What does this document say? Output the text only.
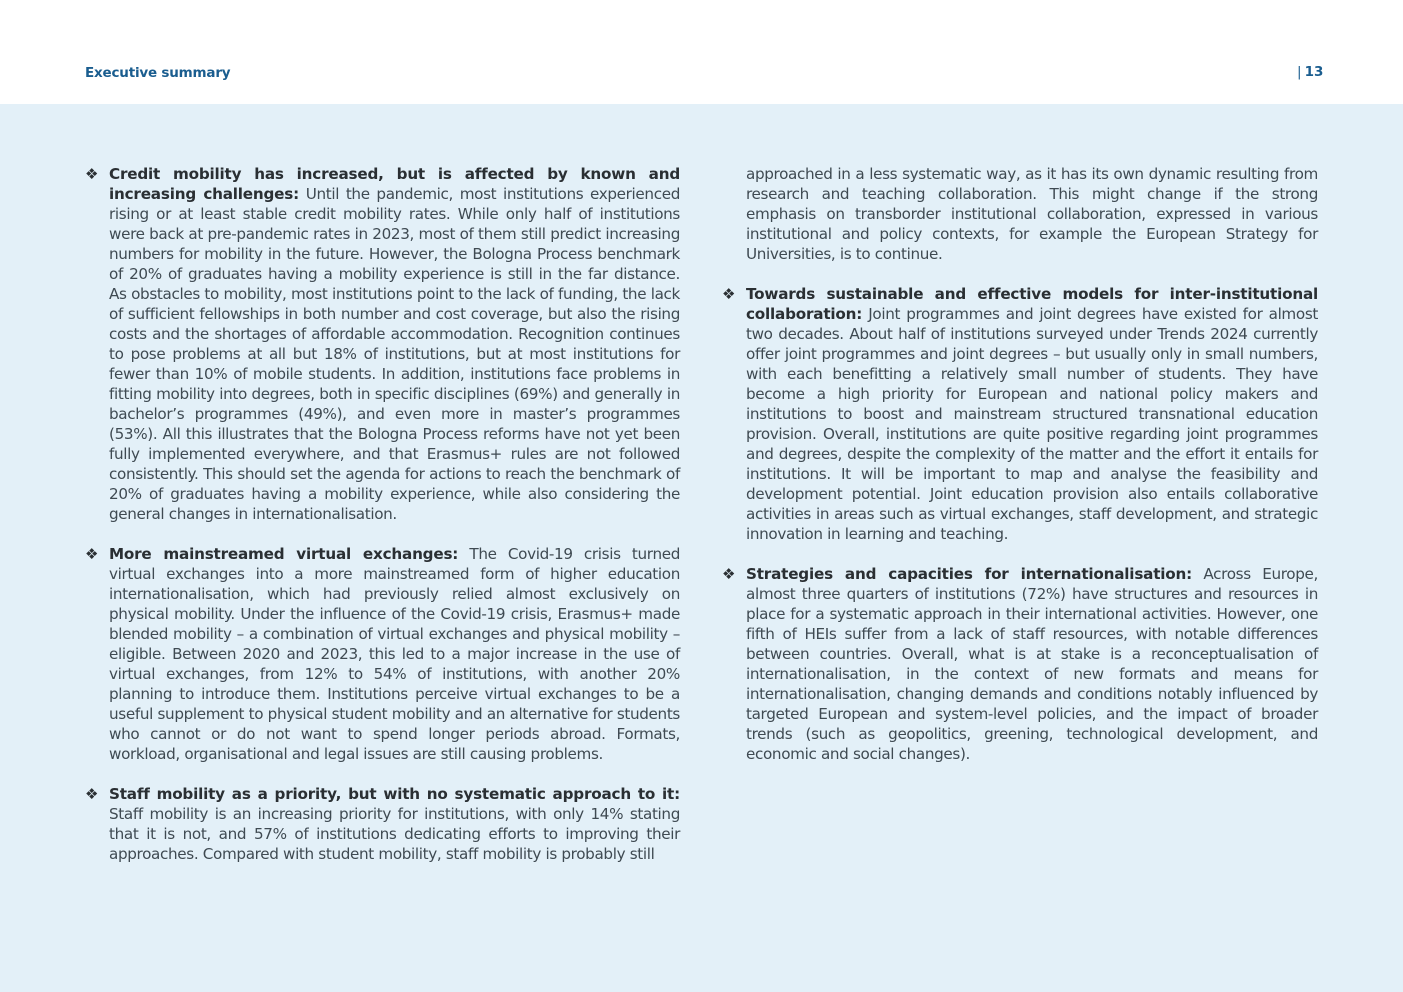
Executive summary	| 13
❖ Credit mobility has increased, but is affected by known and increasing challenges: Until the pandemic, most institutions experienced rising or at least stable credit mobility rates. While only half of institutions were back at pre-pandemic rates in 2023, most of them still predict increasing numbers for mobility in the future. However, the Bologna Process benchmark of 20% of graduates having a mobility experience is still in the far distance. As obstacles to mobility, most institutions point to the lack of funding, the lack of sufficient fellowships in both number and cost coverage, but also the rising costs and the shortages of affordable accommodation. Recognition continues to pose problems at all but 18% of institutions, but at most institutions for fewer than 10% of mobile students. In addition, institutions face problems in fitting mobility into degrees, both in specific disciplines (69%) and generally in bachelor’s programmes (49%), and even more in master’s programmes (53%). All this illustrates that the Bologna Process reforms have not yet been fully implemented everywhere, and that Erasmus+ rules are not followed consistently. This should set the agenda for actions to reach the benchmark of 20% of graduates having a mobility experience, while also considering the general changes in internationalisation.
❖ More mainstreamed virtual exchanges: The Covid-19 crisis turned virtual exchanges into a more mainstreamed form of higher education internationalisation, which had previously relied almost exclusively on physical mobility. Under the influence of the Covid-19 crisis, Erasmus+ made blended mobility – a combination of virtual exchanges and physical mobility – eligible. Between 2020 and 2023, this led to a major increase in the use of virtual exchanges, from 12% to 54% of institutions, with another 20% planning to introduce them. Institutions perceive virtual exchanges to be a useful supplement to physical student mobility and an alternative for students who cannot or do not want to spend longer periods abroad. Formats, workload, organisational and legal issues are still causing problems.
❖ Staff mobility as a priority, but with no systematic approach to it: Staff mobility is an increasing priority for institutions, with only 14% stating that it is not, and 57% of institutions dedicating efforts to improving their approaches. Compared with student mobility, staff mobility is probably still
approached in a less systematic way, as it has its own dynamic resulting from research and teaching collaboration. This might change if the strong emphasis on transborder institutional collaboration, expressed in various institutional and policy contexts, for example the European Strategy for Universities, is to continue.
❖ Towards sustainable and effective models for inter-institutional collaboration: Joint programmes and joint degrees have existed for almost two decades. About half of institutions surveyed under Trends 2024 currently offer joint programmes and joint degrees – but usually only in small numbers, with each benefitting a relatively small number of students. They have become a high priority for European and national policy makers and institutions to boost and mainstream structured transnational education provision. Overall, institutions are quite positive regarding joint programmes and degrees, despite the complexity of the matter and the effort it entails for institutions. It will be important to map and analyse the feasibility and development potential. Joint education provision also entails collaborative activities in areas such as virtual exchanges, staff development, and strategic innovation in learning and teaching.
❖ Strategies and capacities for internationalisation: Across Europe, almost three quarters of institutions (72%) have structures and resources in place for a systematic approach in their international activities. However, one fifth of HEIs suffer from a lack of staff resources, with notable differences between countries. Overall, what is at stake is a reconceptualisation of internationalisation, in the context of new formats and means for internationalisation, changing demands and conditions notably influenced by targeted European and system-level policies, and the impact of broader trends (such as geopolitics, greening, technological development, and economic and social changes).
